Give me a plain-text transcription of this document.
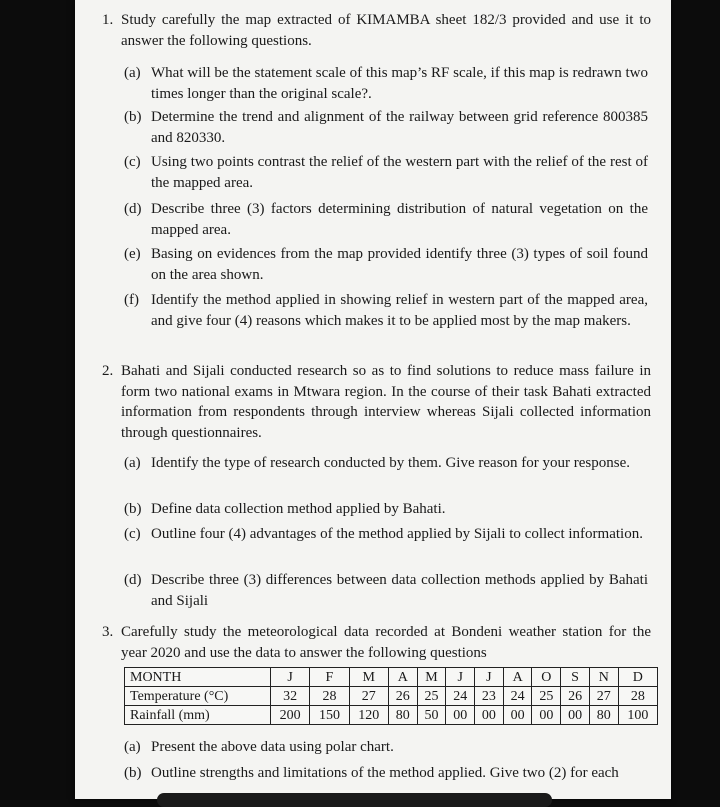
1. Study carefully the map extracted of KIMAMBA sheet 182/3 provided and use it to answer the following questions.
(a) What will be the statement scale of this map’s RF scale, if this map is redrawn two times longer than the original scale?.
(b) Determine the trend and alignment of the railway between grid reference 800385 and 820330.
(c) Using two points contrast the relief of the western part with the relief of the rest of the mapped area.
(d) Describe three (3) factors determining distribution of natural vegetation on the mapped area.
(e) Basing on evidences from the map provided identify three (3) types of soil found on the area shown.
(f) Identify the method applied in showing relief in western part of the mapped area, and give four (4) reasons which makes it to be applied most by the map makers.
2. Bahati and Sijali conducted research so as to find solutions to reduce mass failure in form two national exams in Mtwara region. In the course of their task Bahati extracted information from respondents through interview whereas Sijali collected information through questionnaires.
(a) Identify the type of research conducted by them. Give reason for your response.
(b) Define data collection method applied by Bahati.
(c) Outline four (4) advantages of the method applied by Sijali to collect information.
(d) Describe three (3) differences between data collection methods applied by Bahati and Sijali
3. Carefully study the meteorological data recorded at Bondeni weather station for the year 2020 and use the data to answer the following questions
MONTH	J	F	M	A	M	J	J	A	O	S	N	D
Temperature (°C)	32	28	27	26	25	24	23	24	25	26	27	28
Rainfall (mm)	200	150	120	80	50	00	00	00	00	00	80	100
(a) Present the above data using polar chart.
(b) Outline strengths and limitations of the method applied. Give two (2) for each
